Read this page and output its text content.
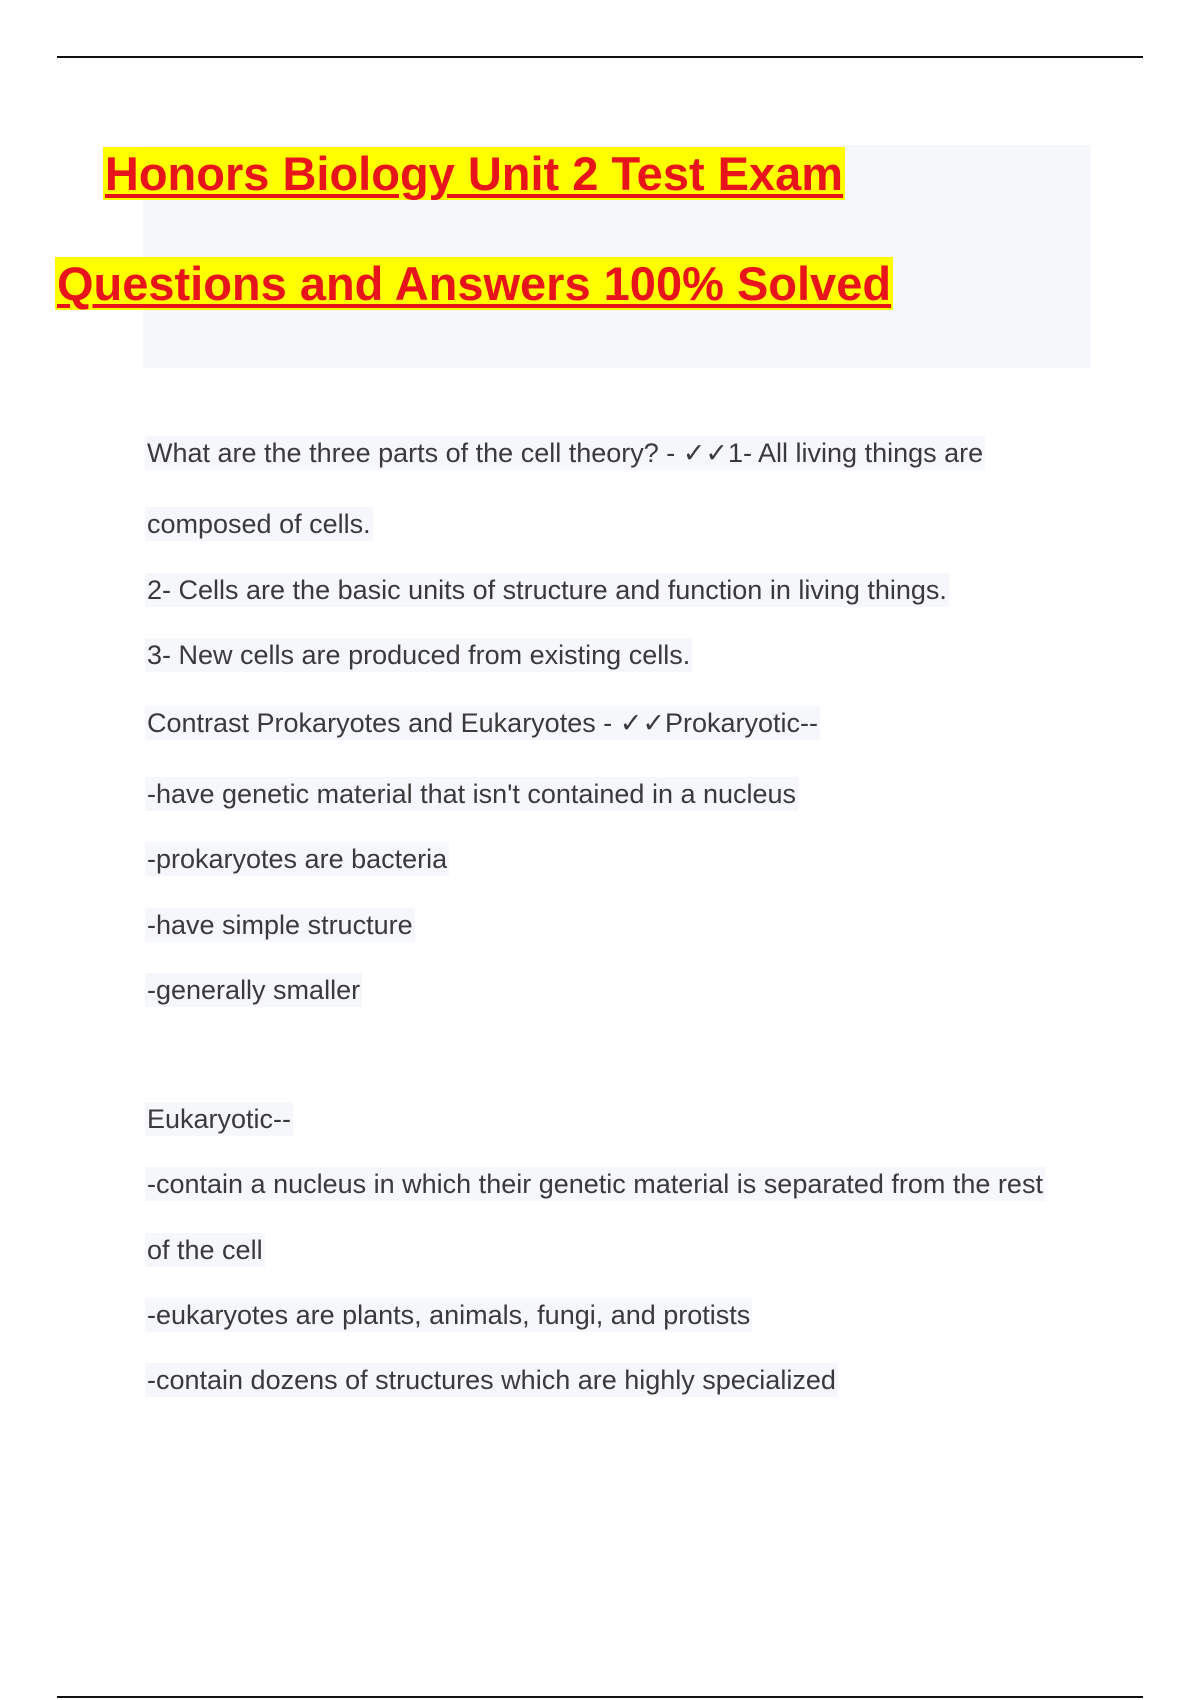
Honors Biology Unit 2 Test Exam
Questions and Answers 100% Solved
What are the three parts of the cell theory? - ✓✓1- All living things are
composed of cells.
2- Cells are the basic units of structure and function in living things.
3- New cells are produced from existing cells.
Contrast Prokaryotes and Eukaryotes - ✓✓Prokaryotic--
-have genetic material that isn't contained in a nucleus
-prokaryotes are bacteria
-have simple structure
-generally smaller
Eukaryotic--
-contain a nucleus in which their genetic material is separated from the rest
of the cell
-eukaryotes are plants, animals, fungi, and protists
-contain dozens of structures which are highly specialized
